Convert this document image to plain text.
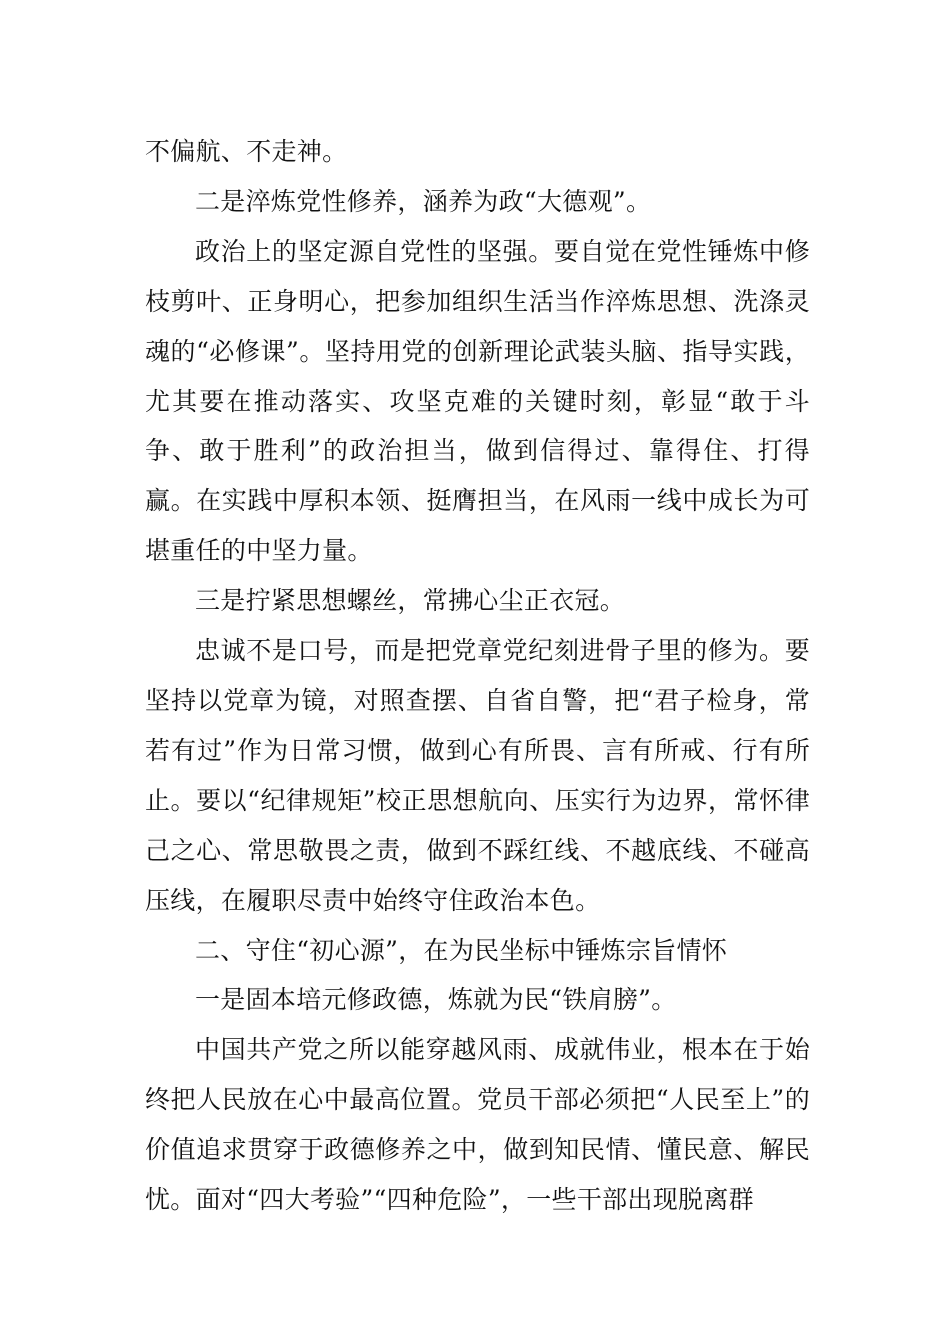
不偏航、不走神。

二是淬炼党性修养，涵养为政“大德观”。

政治上的坚定源自党性的坚强。要自觉在党性锤炼中修枝剪叶、正身明心，把参加组织生活当作淬炼思想、洗涤灵魂的“必修课”。坚持用党的创新理论武装头脑、指导实践，尤其要在推动落实、攻坚克难的关键时刻，彰显“敢于斗争、敢于胜利”的政治担当，做到信得过、靠得住、打得赢。在实践中厚积本领、挺膺担当，在风雨一线中成长为可堪重任的中坚力量。

三是拧紧思想螺丝，常拂心尘正衣冠。

忠诚不是口号，而是把党章党纪刻进骨子里的修为。要坚持以党章为镜，对照查摆、自省自警，把“君子检身，常若有过”作为日常习惯，做到心有所畏、言有所戒、行有所止。要以“纪律规矩”校正思想航向、压实行为边界，常怀律己之心、常思敬畏之责，做到不踩红线、不越底线、不碰高压线，在履职尽责中始终守住政治本色。

二、守住“初心源”，在为民坐标中锤炼宗旨情怀

一是固本培元修政德，炼就为民“铁肩膀”。

中国共产党之所以能穿越风雨、成就伟业，根本在于始终把人民放在心中最高位置。党员干部必须把“人民至上”的价值追求贯穿于政德修养之中，做到知民情、懂民意、解民忧。面对“四大考验”“四种危险”，一些干部出现脱离群
